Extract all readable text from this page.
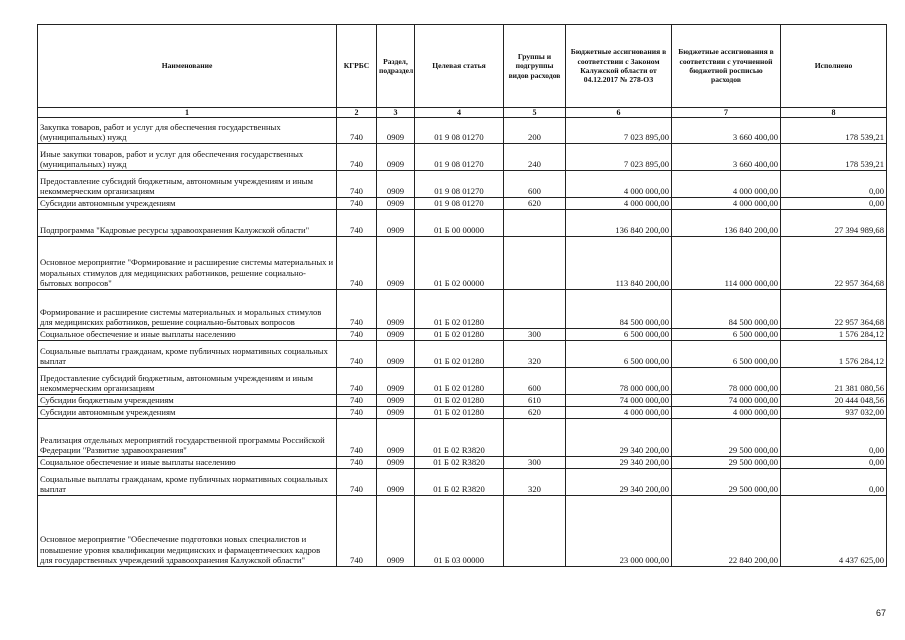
Наименование	КГРБС	Раздел, подраздел	Целевая статья	Группы и подгруппы видов расходов	Бюджетные ассигнования в соответствии с Законом Калужской области от 04.12.2017 № 278-ОЗ	Бюджетные ассигнования в соответствии с уточненной бюджетной росписью расходов	Исполнено
1	2	3	4	5	6	7	8
Закупка товаров, работ и услуг для обеспечения государственных (муниципальных) нужд	740	0909	01 9 08 01270	200	7 023 895,00	3 660 400,00	178 539,21
Иные закупки товаров, работ и услуг для обеспечения государственных (муниципальных) нужд	740	0909	01 9 08 01270	240	7 023 895,00	3 660 400,00	178 539,21
Предоставление субсидий бюджетным, автономным учреждениям и иным некоммерческим организациям	740	0909	01 9 08 01270	600	4 000 000,00	4 000 000,00	0,00
Субсидии автономным учреждениям	740	0909	01 9 08 01270	620	4 000 000,00	4 000 000,00	0,00
Подпрограмма "Кадровые ресурсы здравоохранения Калужской области"	740	0909	01 Б 00 00000		136 840 200,00	136 840 200,00	27 394 989,68
Основное мероприятие "Формирование и расширение системы материальных и моральных стимулов для медицинских работников, решение социально-бытовых вопросов"	740	0909	01 Б 02 00000		113 840 200,00	114 000 000,00	22 957 364,68
Формирование и расширение системы материальных и моральных стимулов для медицинских работников, решение социально-бытовых вопросов	740	0909	01 Б 02 01280		84 500 000,00	84 500 000,00	22 957 364,68
Социальное обеспечение и иные выплаты населению	740	0909	01 Б 02 01280	300	6 500 000,00	6 500 000,00	1 576 284,12
Социальные выплаты гражданам, кроме публичных нормативных социальных выплат	740	0909	01 Б 02 01280	320	6 500 000,00	6 500 000,00	1 576 284,12
Предоставление субсидий бюджетным, автономным учреждениям и иным некоммерческим организациям	740	0909	01 Б 02 01280	600	78 000 000,00	78 000 000,00	21 381 080,56
Субсидии бюджетным учреждениям	740	0909	01 Б 02 01280	610	74 000 000,00	74 000 000,00	20 444 048,56
Субсидии автономным учреждениям	740	0909	01 Б 02 01280	620	4 000 000,00	4 000 000,00	937 032,00
Реализация отдельных мероприятий государственной программы Российской Федерации "Развитие здравоохранения"	740	0909	01 Б 02 R3820		29 340 200,00	29 500 000,00	0,00
Социальное обеспечение и иные выплаты населению	740	0909	01 Б 02 R3820	300	29 340 200,00	29 500 000,00	0,00
Социальные выплаты гражданам, кроме публичных нормативных социальных выплат	740	0909	01 Б 02 R3820	320	29 340 200,00	29 500 000,00	0,00
Основное мероприятие "Обеспечение подготовки новых специалистов и повышение уровня квалификации медицинских и фармацевтических кадров для государственных учреждений здравоохранения Калужской области"	740	0909	01 Б 03 00000		23 000 000,00	22 840 200,00	4 437 625,00
67
